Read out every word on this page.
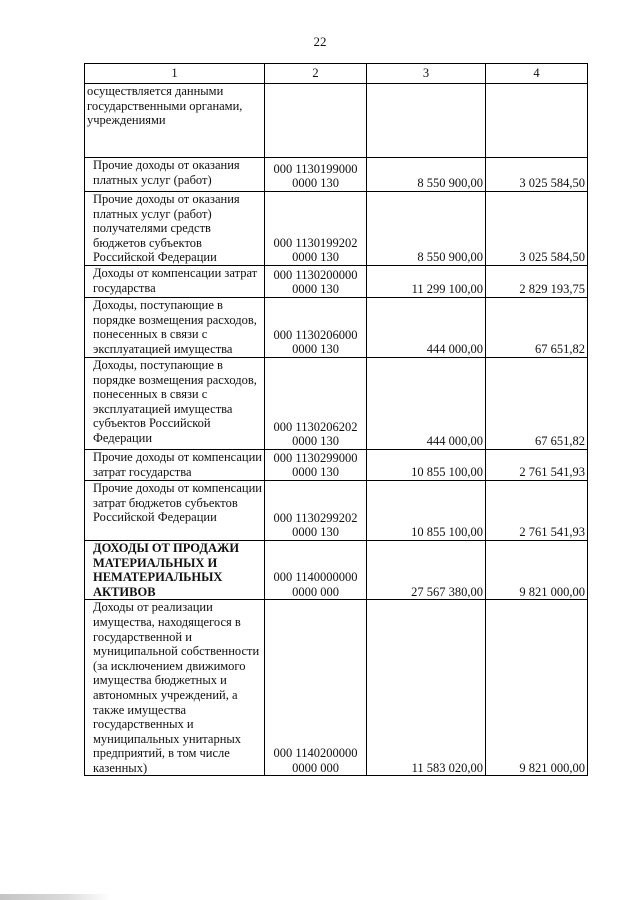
22
1	2	3	4

осуществляется данными государственными органами, учреждениями			

Прочие доходы от оказания платных услуг (работ)	000 1130199000
0000 130	8 550 900,00	3 025 584,50

Прочие доходы от оказания платных услуг (работ) получателями средств бюджетов субъектов Российской Федерации	000 1130199202
0000 130	8 550 900,00	3 025 584,50

Доходы от компенсации затрат государства	000 1130200000
0000 130	11 299 100,00	2 829 193,75

Доходы, поступающие в порядке возмещения расходов, понесенных в связи с эксплуатацией имущества	000 1130206000
0000 130	444 000,00	67 651,82

Доходы, поступающие в порядке возмещения расходов, понесенных в связи с эксплуатацией имущества субъектов Российской Федерации	000 1130206202
0000 130	444 000,00	67 651,82

Прочие доходы от компенсации затрат государства	000 1130299000
0000 130	10 855 100,00	2 761 541,93

Прочие доходы от компенсации затрат бюджетов субъектов Российской Федерации	000 1130299202
0000 130	10 855 100,00	2 761 541,93

ДОХОДЫ ОТ ПРОДАЖИ МАТЕРИАЛЬНЫХ И НЕМАТЕРИАЛЬНЫХ АКТИВОВ	000 1140000000
0000 000	27 567 380,00	9 821 000,00

Доходы от реализации имущества, находящегося в государственной и муниципальной собственности (за исключением движимого имущества бюджетных и автономных учреждений, а также имущества государственных и муниципальных унитарных предприятий, в том числе казенных)	000 1140200000
0000 000	11 583 020,00	9 821 000,00
